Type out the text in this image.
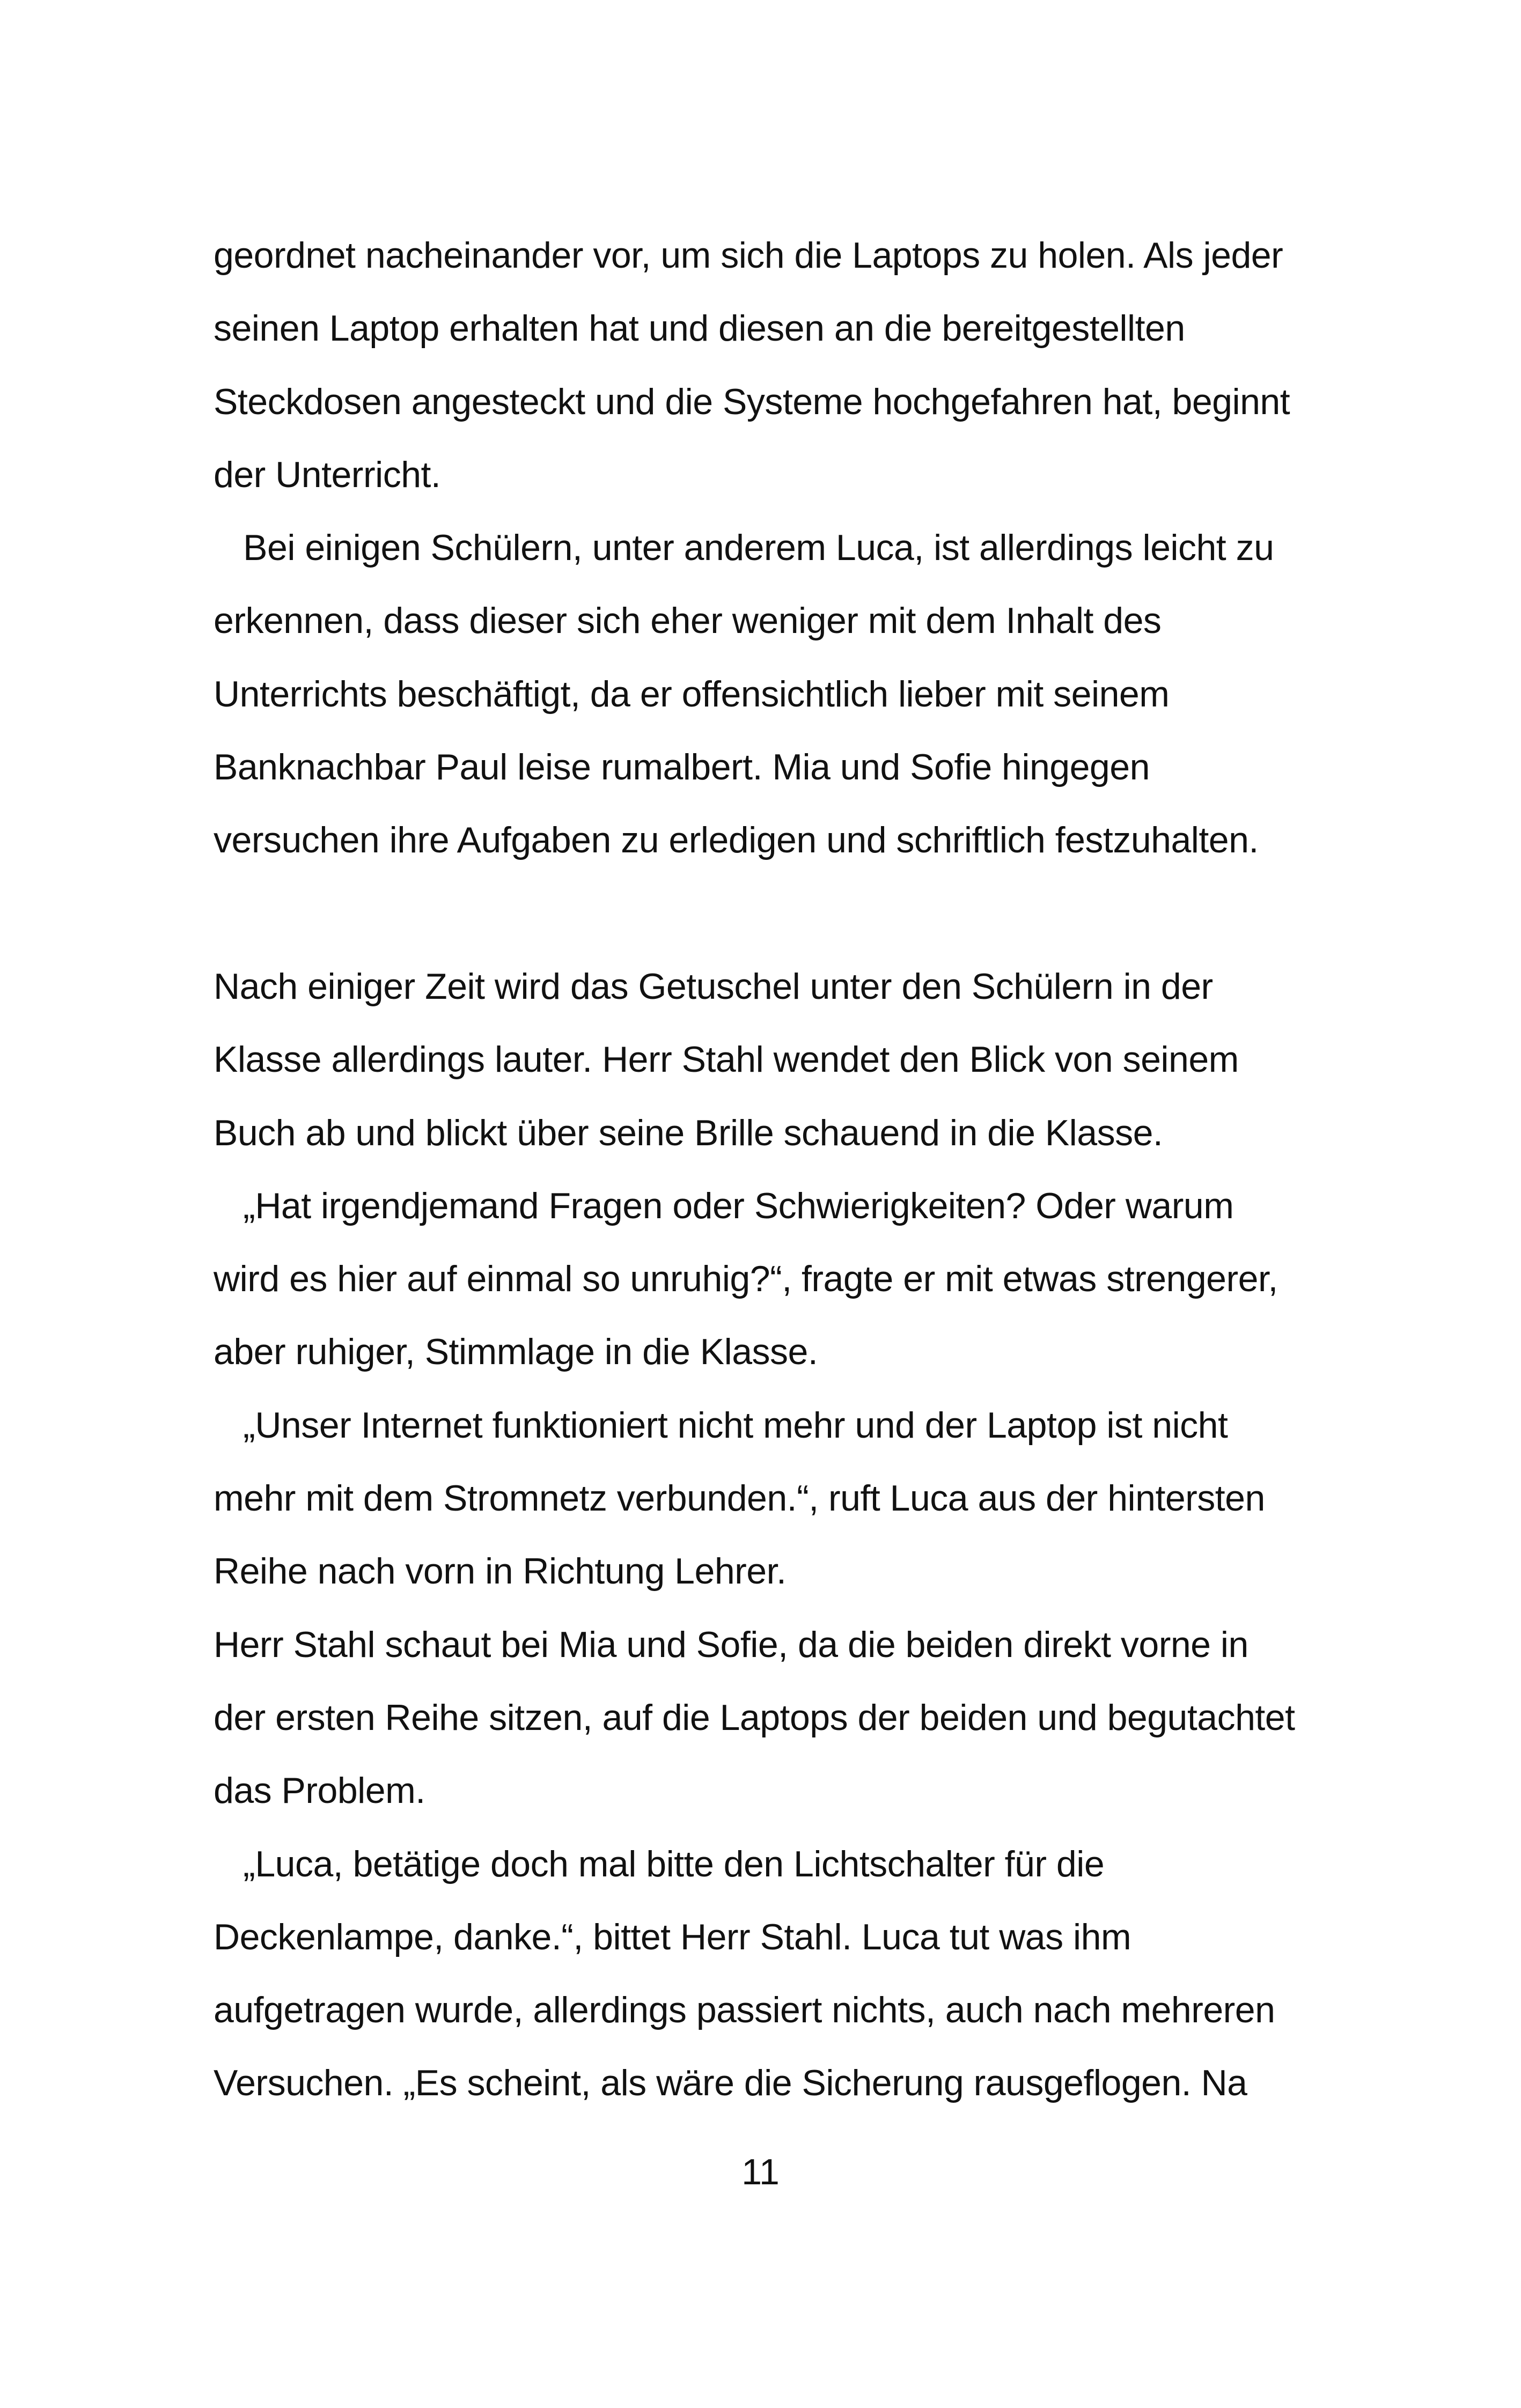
geordnet nacheinander vor, um sich die Laptops zu holen. Als jeder
seinen Laptop erhalten hat und diesen an die bereitgestellten
Steckdosen angesteckt und die Systeme hochgefahren hat, beginnt
der Unterricht.
Bei einigen Schülern, unter anderem Luca, ist allerdings leicht zu
erkennen, dass dieser sich eher weniger mit dem Inhalt des
Unterrichts beschäftigt, da er offensichtlich lieber mit seinem
Banknachbar Paul leise rumalbert. Mia und Sofie hingegen
versuchen ihre Aufgaben zu erledigen und schriftlich festzuhalten.
Nach einiger Zeit wird das Getuschel unter den Schülern in der
Klasse allerdings lauter. Herr Stahl wendet den Blick von seinem
Buch ab und blickt über seine Brille schauend in die Klasse.
„Hat irgendjemand Fragen oder Schwierigkeiten? Oder warum
wird es hier auf einmal so unruhig?“, fragte er mit etwas strengerer,
aber ruhiger, Stimmlage in die Klasse.
„Unser Internet funktioniert nicht mehr und der Laptop ist nicht
mehr mit dem Stromnetz verbunden.“, ruft Luca aus der hintersten
Reihe nach vorn in Richtung Lehrer.
Herr Stahl schaut bei Mia und Sofie, da die beiden direkt vorne in
der ersten Reihe sitzen, auf die Laptops der beiden und begutachtet
das Problem.
„Luca, betätige doch mal bitte den Lichtschalter für die
Deckenlampe, danke.“, bittet Herr Stahl. Luca tut was ihm
aufgetragen wurde, allerdings passiert nichts, auch nach mehreren
Versuchen. „Es scheint, als wäre die Sicherung rausgeflogen. Na
11
